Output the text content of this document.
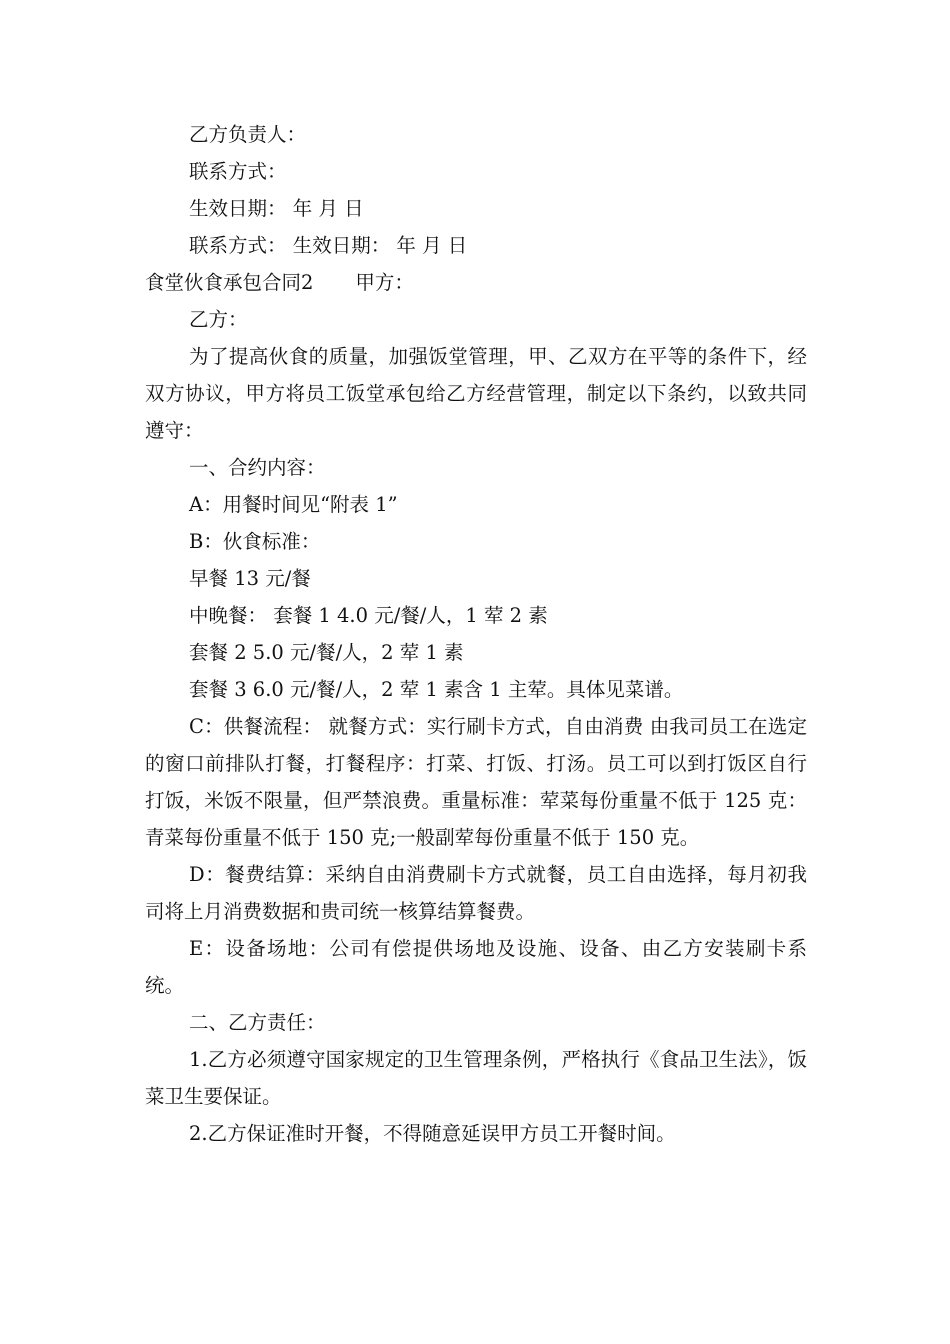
乙方负责人：
联系方式：
生效日期： 年 月 日
联系方式： 生效日期： 年 月 日
食堂伙食承包合同2 甲方：
乙方：
为了提高伙食的质量，加强饭堂管理，甲、乙双方在平等的条件下，经双方协议，甲方将员工饭堂承包给乙方经营管理，制定以下条约，以致共同遵守：
一、合约内容：
A：用餐时间见“附表 1”
B：伙食标准：
早餐 13 元/餐
中晚餐： 套餐 1 4.0 元/餐/人，1 荤 2 素
套餐 2 5.0 元/餐/人，2 荤 1 素
套餐 3 6.0 元/餐/人，2 荤 1 素含 1 主荤。具体见菜谱。
C：供餐流程： 就餐方式：实行刷卡方式，自由消费 由我司员工在选定的窗口前排队打餐，打餐程序：打菜、打饭、打汤。员工可以到打饭区自行打饭，米饭不限量，但严禁浪费。重量标准：荤菜每份重量不低于 125 克：青菜每份重量不低于 150 克;一般副荤每份重量不低于 150 克。
D：餐费结算：采纳自由消费刷卡方式就餐，员工自由选择，每月初我司将上月消费数据和贵司统一核算结算餐费。
E：设备场地：公司有偿提供场地及设施、设备、由乙方安装刷卡系统。
二、乙方责任：
1.乙方必须遵守国家规定的卫生管理条例，严格执行《食品卫生法》，饭菜卫生要保证。
2.乙方保证准时开餐，不得随意延误甲方员工开餐时间。
